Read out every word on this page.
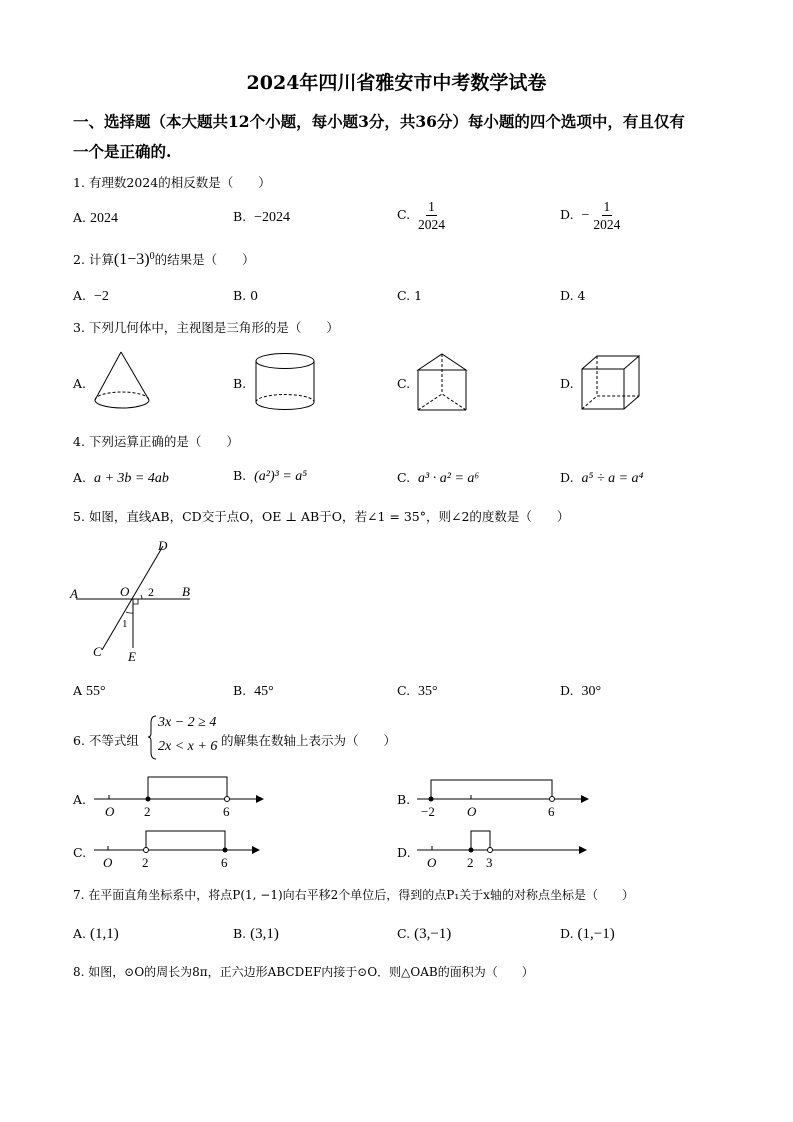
2024年四川省雅安市中考数学试卷
一、选择题（本大题共12个小题，每小题3分，共36分）每小题的四个选项中，有且仅有
一个是正确的.
1. 有理数2024的相反数是（　　）
A. 2024	B. −2024	C. $\frac{1}{2024}$	D. − $\frac{1}{2024}$
2. 计算$(1-3)^0$的结果是（　　）
A. −2	B. 0	C. 1	D. 4
3. 下列几何体中，主视图是三角形的是（　　）
A.	B.	C.	D.
4. 下列运算正确的是（　　）
A. a + 3b = 4ab	B. (a²)³ = a⁵	C. a³ · a² = a⁶	D. a⁵ ÷ a = a⁴
5. 如图，直线AB，CD交于点O，OE ⊥ AB于O，若∠1 = 35°，则∠2的度数是（　　）
A	B
C
D
O
E
1
2
A 55°	B. 45°	C. 35°	D. 30°
6. 不等式组
3x − 2 ≥ 4
2x < x + 6 的解集在数轴上表示为（　　）
A.
O 2	6
B.
−2 O	6
C.
O 2	6
D.
O 2 3
7. 在平面直角坐标系中，将点P(1, −1)向右平移2个单位后，得到的点P₁关于x轴的对称点坐标是（　　）
A. (1,1)	B. (3,1)	C. (3,−1)	D. (1,−1)
8. 如图，⊙O的周长为8π，正六边形ABCDEF内接于⊙O．则△OAB的面积为（　　）
